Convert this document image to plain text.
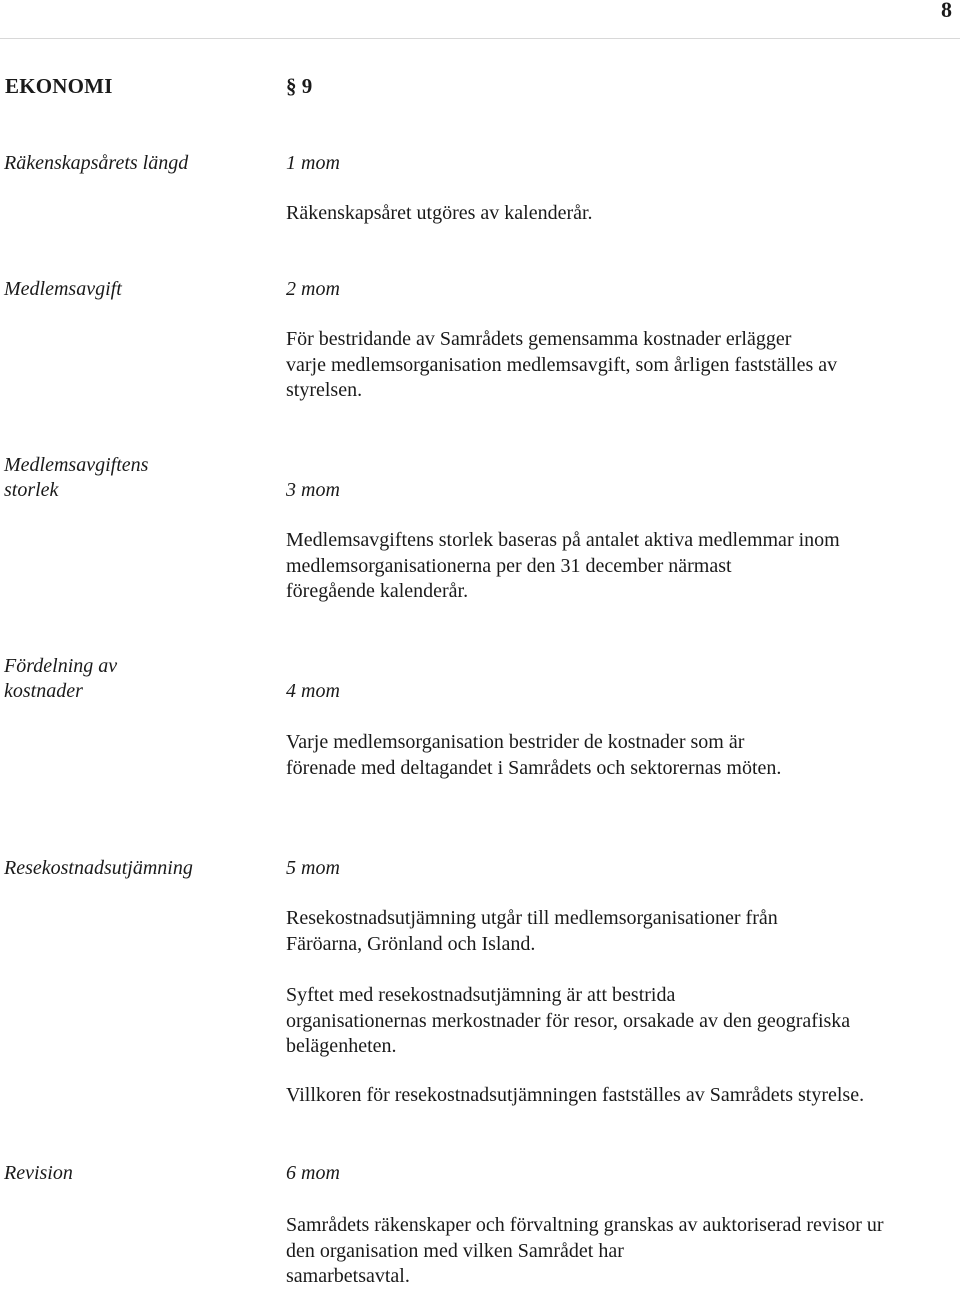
8
EKONOMI	§ 9
Räkenskapsårets längd	1 mom
Räkenskapsåret utgöres av kalenderår.
Medlemsavgift	2 mom
För bestridande av Samrådets gemensamma kostnader erlägger
varje medlemsorganisation medlemsavgift, som årligen fastställes av
styrelsen.
Medlemsavgiftens
storlek	3 mom
Medlemsavgiftens storlek baseras på antalet aktiva medlemmar inom
medlemsorganisationerna per den 31 december närmast
föregående kalenderår.
Fördelning av
kostnader	4 mom
Varje medlemsorganisation bestrider de kostnader som är
förenade med deltagandet i Samrådets och sektorernas möten.
Resekostnadsutjämning	5 mom
Resekostnadsutjämning utgår till medlemsorganisationer från
Färöarna, Grönland och Island.
Syftet med resekostnadsutjämning är att bestrida
organisationernas merkostnader för resor, orsakade av den geografiska
belägenheten.
Villkoren för resekostnadsutjämningen fastställes av Samrådets styrelse.
Revision	6 mom
Samrådets räkenskaper och förvaltning granskas av auktoriserad revisor ur
den organisation med vilken Samrådet har
samarbetsavtal.
